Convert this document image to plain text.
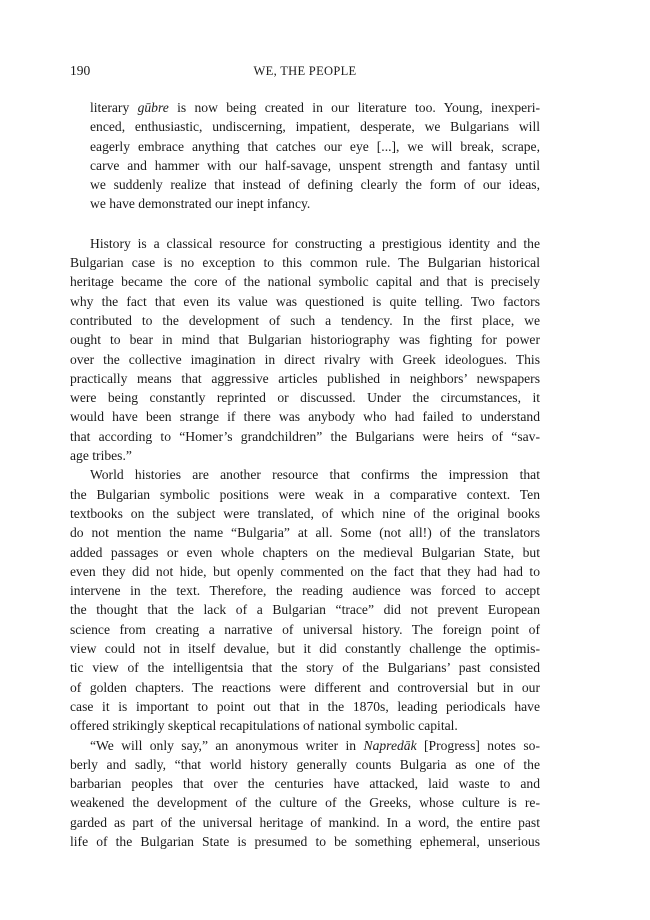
190	WE, THE PEOPLE
literary gūbre is now being created in our literature too. Young, inexperi-
enced, enthusiastic, undiscerning, impatient, desperate, we Bulgarians will
eagerly embrace anything that catches our eye [...], we will break, scrape,
carve and hammer with our half-savage, unspent strength and fantasy until
we suddenly realize that instead of defining clearly the form of our ideas,
we have demonstrated our inept infancy.
History is a classical resource for constructing a prestigious identity and the
Bulgarian case is no exception to this common rule. The Bulgarian historical
heritage became the core of the national symbolic capital and that is precisely
why the fact that even its value was questioned is quite telling. Two factors
contributed to the development of such a tendency. In the first place, we
ought to bear in mind that Bulgarian historiography was fighting for power
over the collective imagination in direct rivalry with Greek ideologues. This
practically means that aggressive articles published in neighbors’ newspapers
were being constantly reprinted or discussed. Under the circumstances, it
would have been strange if there was anybody who had failed to understand
that according to “Homer’s grandchildren” the Bulgarians were heirs of “sav-
age tribes.”
World histories are another resource that confirms the impression that
the Bulgarian symbolic positions were weak in a comparative context. Ten
textbooks on the subject were translated, of which nine of the original books
do not mention the name “Bulgaria” at all. Some (not all!) of the translators
added passages or even whole chapters on the medieval Bulgarian State, but
even they did not hide, but openly commented on the fact that they had had to
intervene in the text. Therefore, the reading audience was forced to accept
the thought that the lack of a Bulgarian “trace” did not prevent European
science from creating a narrative of universal history. The foreign point of
view could not in itself devalue, but it did constantly challenge the optimis-
tic view of the intelligentsia that the story of the Bulgarians’ past consisted
of golden chapters. The reactions were different and controversial but in our
case it is important to point out that in the 1870s, leading periodicals have
offered strikingly skeptical recapitulations of national symbolic capital.
“We will only say,” an anonymous writer in Napredāk [Progress] notes so-
berly and sadly, “that world history generally counts Bulgaria as one of the
barbarian peoples that over the centuries have attacked, laid waste to and
weakened the development of the culture of the Greeks, whose culture is re-
garded as part of the universal heritage of mankind. In a word, the entire past
life of the Bulgarian State is presumed to be something ephemeral, unserious
